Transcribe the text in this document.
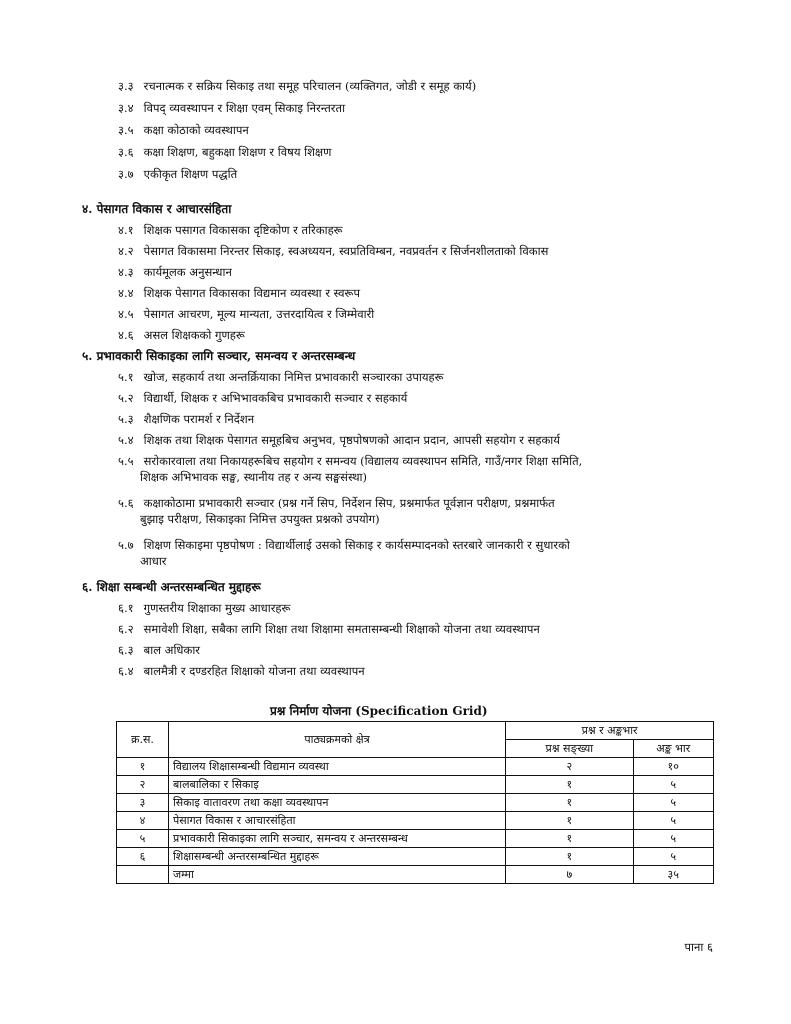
३.३ रचनात्मक र सक्रिय सिकाइ तथा समूह परिचालन (व्यक्तिगत, जोडी र समूह कार्य)
३.४ विपद् व्यवस्थापन र शिक्षा एवम् सिकाइ निरन्तरता
३.५ कक्षा कोठाको व्यवस्थापन
३.६ कक्षा शिक्षण, बहुकक्षा शिक्षण र विषय शिक्षण
३.७ एकीकृत शिक्षण पद्धति
४. पेसागत विकास र आचारसंहिता
४.१ शिक्षक पसागत विकासका दृष्टिकोण र तरिकाहरू
४.२ पेसागत विकासमा निरन्तर सिकाइ, स्वअध्ययन, स्वप्रतिविम्बन, नवप्रवर्तन र सिर्जनशीलताको विकास
४.३ कार्यमूलक अनुसन्धान
४.४ शिक्षक पेसागत विकासका विद्यमान व्यवस्था र स्वरूप
४.५ पेसागत आचरण, मूल्य मान्यता, उत्तरदायित्व र जिम्मेवारी
४.६ असल शिक्षकको गुणहरू
५. प्रभावकारी सिकाइका लागि सञ्चार, समन्वय र अन्तरसम्बन्ध
५.१ खोज, सहकार्य तथा अन्तर्क्रियाका निमित्त प्रभावकारी सञ्चारका उपायहरू
५.२ विद्यार्थी, शिक्षक र अभिभावकबिच प्रभावकारी सञ्चार र सहकार्य
५.३ शैक्षणिक परामर्श र निर्देशन
५.४ शिक्षक तथा शिक्षक पेसागत समूहबिच अनुभव, पृष्ठपोषणको आदान प्रदान, आपसी सहयोग र सहकार्य
५.५ सरोकारवाला तथा निकायहरूबिच सहयोग र समन्वय (विद्यालय व्यवस्थापन समिति, गाउँ/नगर शिक्षा समिति,
शिक्षक अभिभावक सङ्घ, स्थानीय तह र अन्य सङ्घसंस्था)
५.६ कक्षाकोठामा प्रभावकारी सञ्चार (प्रश्न गर्ने सिप, निर्देशन सिप, प्रश्नमार्फत पूर्वज्ञान परीक्षण, प्रश्नमार्फत
बुझाइ परीक्षण, सिकाइका निमित्त उपयुक्त प्रश्नको उपयोग)
५.७ शिक्षण सिकाइमा पृष्ठपोषण : विद्यार्थीलाई उसको सिकाइ र कार्यसम्पादनको स्तरबारे जानकारी र सुधारको
आधार
६. शिक्षा सम्बन्धी अन्तरसम्बन्धित मुद्दाहरू
६.१ गुणस्तरीय शिक्षाका मुख्य आधारहरू
६.२ समावेशी शिक्षा, सबैका लागि शिक्षा तथा शिक्षामा समतासम्बन्धी शिक्षाको योजना तथा व्यवस्थापन
६.३ बाल अधिकार
६.४ बालमैत्री र दण्डरहित शिक्षाको योजना तथा व्यवस्थापन
प्रश्न निर्माण योजना (Specification Grid)
क्र.स.	पाठ्यक्रमको क्षेत्र	प्रश्न र अङ्कभार	
		प्रश्न सङ्ख्या	अङ्क भार
१	विद्यालय शिक्षासम्बन्धी विद्यमान व्यवस्था	२	१०
२	बालबालिका र सिकाइ	१	५
३	सिकाइ वातावरण तथा कक्षा व्यवस्थापन	१	५
४	पेसागत विकास र आचारसंहिता	१	५
५	प्रभावकारी सिकाइका लागि सञ्चार, समन्वय र अन्तरसम्बन्ध	१	५
६	शिक्षासम्बन्धी अन्तरसम्बन्धित मुद्दाहरू	१	५
	जम्मा	७	३५
पाना ६
